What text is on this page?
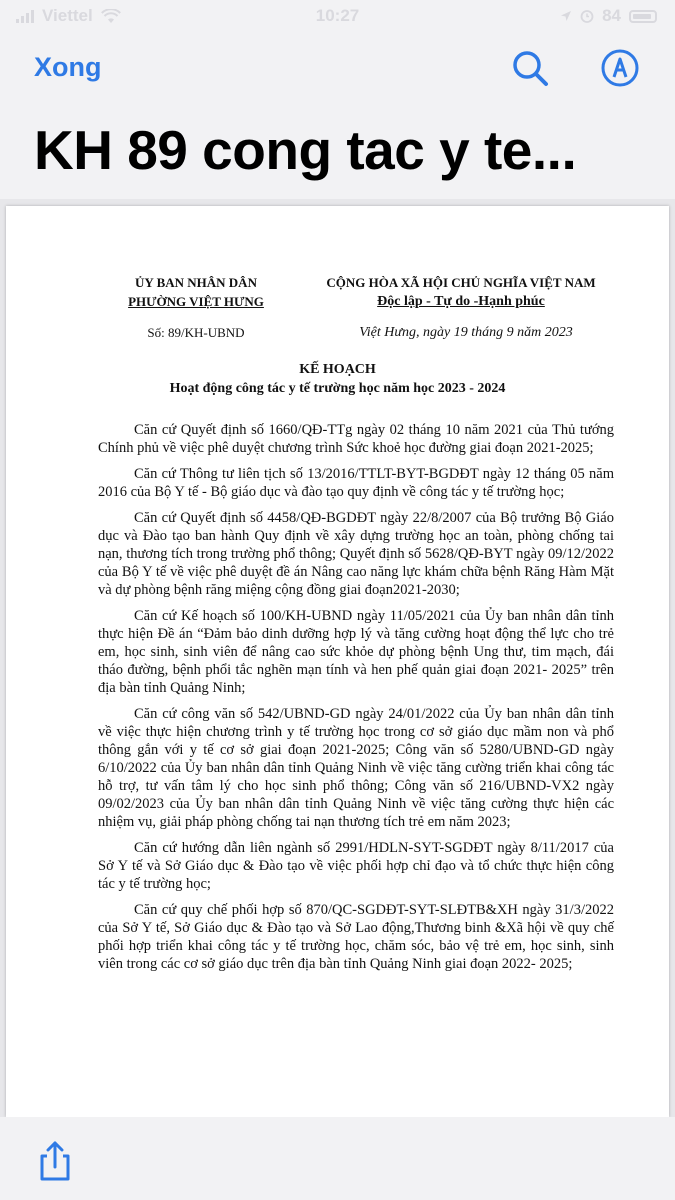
Viettel	10:27	84
Xong
KH 89 cong tac y te...
ỦY BAN NHÂN DÂN
PHƯỜNG VIỆT HƯNG
CỘNG HÒA XÃ HỘI CHỦ NGHĨA VIỆT NAM
Độc lập - Tự do -Hạnh phúc
Số: 89/KH-UBND	Việt Hưng, ngày 19 tháng 9 năm 2023
KẾ HOẠCH
Hoạt động công tác y tế trường học năm học 2023 - 2024

Căn cứ Quyết định số 1660/QĐ-TTg ngày 02 tháng 10 năm 2021 của Thủ tướng Chính phủ về việc phê duyệt chương trình Sức khoẻ học đường giai đoạn 2021-2025;

Căn cứ Thông tư liên tịch số 13/2016/TTLT-BYT-BGDĐT ngày 12 tháng 05 năm 2016 của Bộ Y tế - Bộ giáo dục và đào tạo quy định về công tác y tế trường học;

Căn cứ Quyết định số 4458/QĐ-BGDĐT ngày 22/8/2007 của Bộ trưởng Bộ Giáo dục và Đào tạo ban hành Quy định về xây dựng trường học an toàn, phòng chống tai nạn, thương tích trong trường phổ thông; Quyết định số 5628/QĐ-BYT ngày 09/12/2022 của Bộ Y tế về việc phê duyệt đề án Nâng cao năng lực khám chữa bệnh Răng Hàm Mặt và dự phòng bệnh răng miệng cộng đồng giai đoạn2021-2030;

Căn cứ Kế hoạch số 100/KH-UBND ngày 11/05/2021 của Ủy ban nhân dân tỉnh thực hiện Đề án “Đảm bảo dinh dưỡng hợp lý và tăng cường hoạt động thể lực cho trẻ em, học sinh, sinh viên để nâng cao sức khỏe dự phòng bệnh Ung thư, tim mạch, đái tháo đường, bệnh phổi tắc nghẽn mạn tính và hen phế quản giai đoạn 2021- 2025” trên địa bàn tỉnh Quảng Ninh;

Căn cứ công văn số 542/UBND-GD ngày 24/01/2022 của Ủy ban nhân dân tỉnh về việc thực hiện chương trình y tế trường học trong cơ sở giáo dục mầm non và phổ thông gắn với y tế cơ sở giai đoạn 2021-2025; Công văn số 5280/UBND-GD ngày 6/10/2022 của Ủy ban nhân dân tỉnh Quảng Ninh về việc tăng cường triển khai công tác hỗ trợ, tư vấn tâm lý cho học sinh phổ thông; Công văn số 216/UBND-VX2 ngày 09/02/2023 của Ủy ban nhân dân tỉnh Quảng Ninh về việc tăng cường thực hiện các nhiệm vụ, giải pháp phòng chống tai nạn thương tích trẻ em năm 2023;

Căn cứ hướng dẫn liên ngành số 2991/HDLN-SYT-SGDĐT ngày 8/11/2017 của Sở Y tế và Sở Giáo dục & Đào tạo về việc phối hợp chỉ đạo và tổ chức thực hiện công tác y tế trường học;

Căn cứ quy chế phối hợp số 870/QC-SGDĐT-SYT-SLĐTB&XH ngày 31/3/2022 của Sở Y tế, Sở Giáo dục & Đào tạo và Sở Lao động,Thương binh &Xã hội về quy chế phối hợp triển khai công tác y tế trường học, chăm sóc, bảo vệ trẻ em, học sinh, sinh viên trong các cơ sở giáo dục trên địa bàn tỉnh Quảng Ninh giai đoạn 2022- 2025;
